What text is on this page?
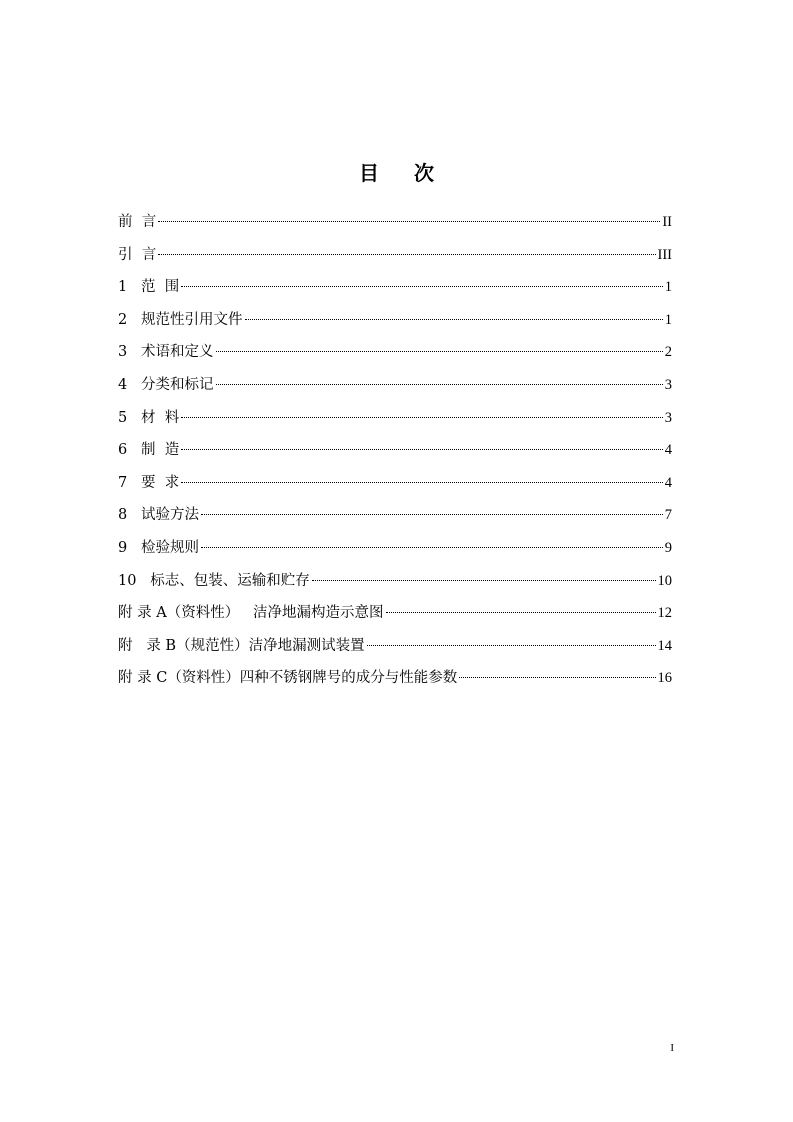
目 次
前  言	II
引  言	III
1   范  围	1
2   规范性引用文件	1
3   术语和定义	2
4   分类和标记	3
5   材  料	3
6   制  造	4
7   要  求	4
8   试验方法	7
9   检验规则	9
10   标志、包装、运输和贮存	10
附 录 A（资料性）   洁净地漏构造示意图	12
附   录 B（规范性）洁净地漏测试装置	14
附 录 C（资料性）四种不锈钢牌号的成分与性能参数	16
I
